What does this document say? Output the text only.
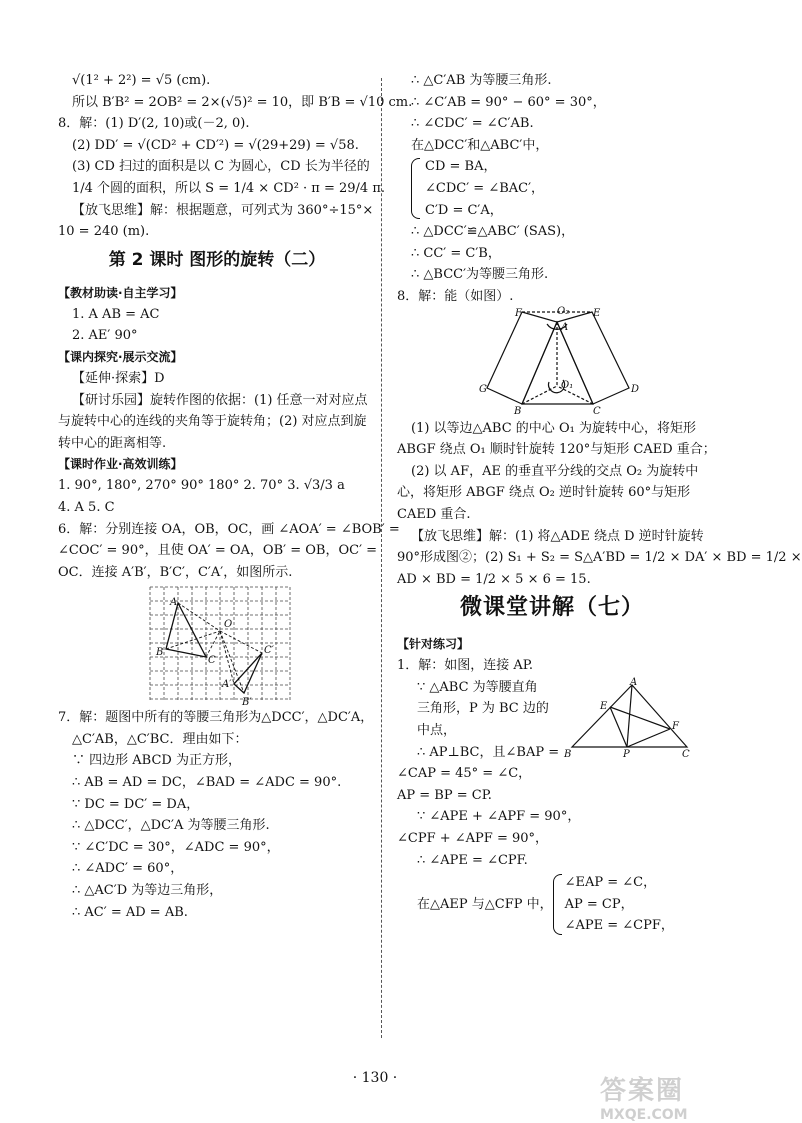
√(1² + 2²) = √5 (cm).
所以 B′B² = 2OB² = 2×(√5)² = 10，即 B′B = √10 cm.
8．解：(1) D′(2, 10)或(－2, 0).
(2) DD′ = √(CD² + CD′²) = √(29+29) = √58.
(3) CD 扫过的面积是以 C 为圆心，CD 长为半径的
1/4 个圆的面积，所以 S = 1/4 × CD² · π = 29/4 π.
【放飞思维】解：根据题意，可列式为 360°÷15°×
10 = 240 (m).
第 2 课时 图形的旋转（二）
【教材助读·自主学习】
1. A AB = AC
2. AE′ 90°
【课内探究·展示交流】
【延伸·探索】D
【研讨乐园】旋转作图的依据：(1) 任意一对对应点
与旋转中心的连线的夹角等于旋转角；(2) 对应点到旋
转中心的距离相等.
【课时作业·高效训练】
1. 90°, 180°, 270° 90° 180° 2. 70° 3. √3/3 a
4. A 5. C
6．解：分别连接 OA，OB，OC，画 ∠AOA′ = ∠BOB′ =
∠COC′ = 90°，且使 OA′ = OA，OB′ = OB，OC′ =
OC．连接 A′B′，B′C′，C′A′，如图所示.
A
O
B
C
C′
A′
B′
7．解：题图中所有的等腰三角形为△DCC′，△DC′A，
△C′AB，△C′BC．理由如下：
∵ 四边形 ABCD 为正方形，
∴ AB = AD = DC，∠BAD = ∠ADC = 90°.
∵ DC = DC′ = DA，
∴ △DCC′，△DC′A 为等腰三角形.
∵ ∠C′DC = 30°，∠ADC = 90°，
∴ ∠ADC′ = 60°，
∴ △AC′D 为等边三角形，
∴ AC′ = AD = AB.
∴ △C′AB 为等腰三角形.
∴ ∠C′AB = 90° − 60° = 30°，
∴ ∠CDC′ = ∠C′AB.
在△DCC′和△ABC′中，
CD = BA，
∠CDC′ = ∠BAC′，
C′D = C′A，
∴ △DCC′≌△ABC′ (SAS)，
∴ CC′ = C′B，
∴ △BCC′为等腰三角形.
8．解：能（如图）.
O₂
F	E
A
O₁
G
B	C
D
(1) 以等边△ABC 的中心 O₁ 为旋转中心，将矩形
ABGF 绕点 O₁ 顺时针旋转 120°与矩形 CAED 重合；
(2) 以 AF，AE 的垂直平分线的交点 O₂ 为旋转中
心，将矩形 ABGF 绕点 O₂ 逆时针旋转 60°与矩形
CAED 重合.
【放飞思维】解：(1) 将△ADE 绕点 D 逆时针旋转
90°形成图②；(2) S₁ + S₂ = S△A′BD = 1/2 × DA′ × BD = 1/2 ×
AD × BD = 1/2 × 5 × 6 = 15.
微课堂讲解（七）
【针对练习】
1．解：如图，连接 AP.
∵ △ABC 为等腰直角
三角形，P 为 BC 边的
中点，
∴ AP⊥BC，且∠BAP =
∠CAP = 45° = ∠C，
AP = BP = CP.
∵ ∠APE + ∠APF = 90°，
∠CPF + ∠APF = 90°，
A
E
F
B	P	C
∴ ∠APE = ∠CPF.
在△AEP 与△CFP 中，
∠EAP = ∠C，
AP = CP，
∠APE = ∠CPF，
· 130 ·	答案圈
MXQE.COM
